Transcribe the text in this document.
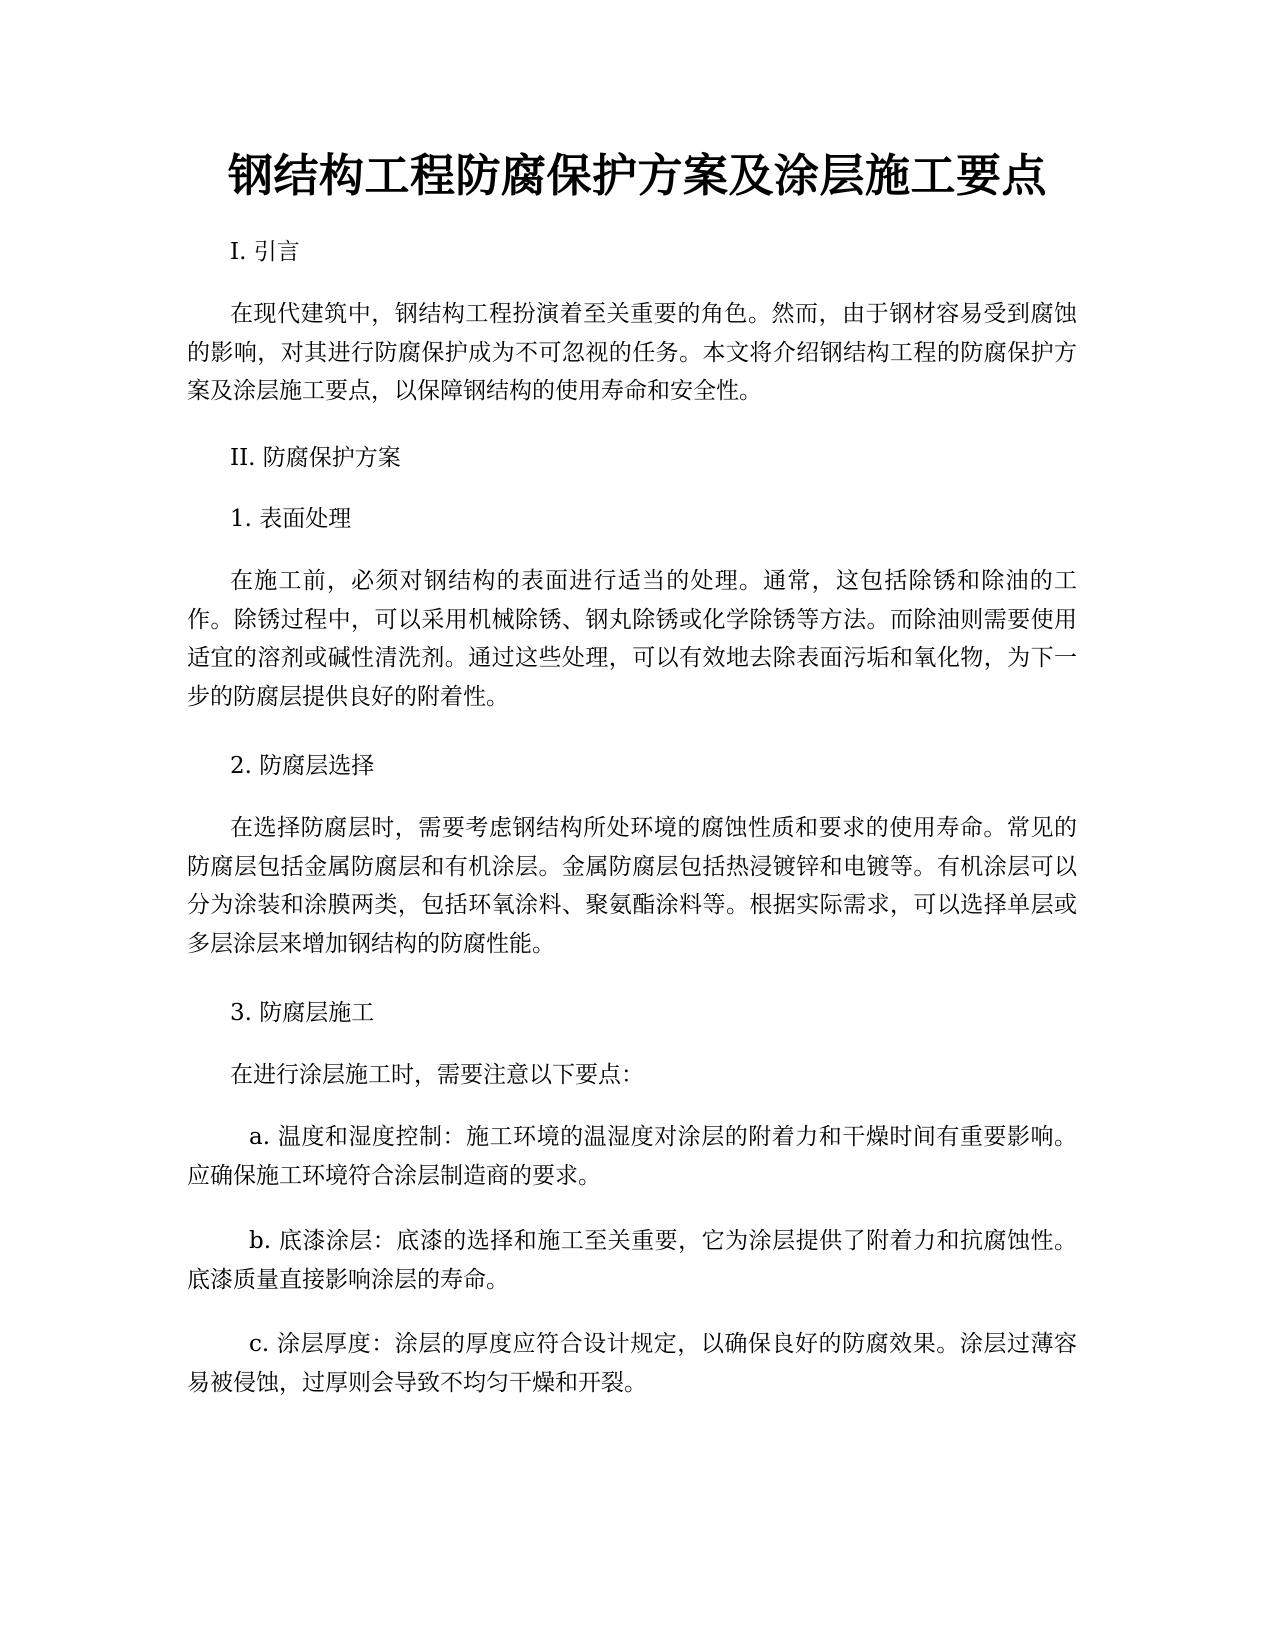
钢结构工程防腐保护方案及涂层施工要点

I. 引言

在现代建筑中，钢结构工程扮演着至关重要的角色。然而，由于钢材容易受到腐蚀的影响，对其进行防腐保护成为不可忽视的任务。本文将介绍钢结构工程的防腐保护方案及涂层施工要点，以保障钢结构的使用寿命和安全性。

II. 防腐保护方案

1. 表面处理

在施工前，必须对钢结构的表面进行适当的处理。通常，这包括除锈和除油的工作。除锈过程中，可以采用机械除锈、钢丸除锈或化学除锈等方法。而除油则需要使用适宜的溶剂或碱性清洗剂。通过这些处理，可以有效地去除表面污垢和氧化物，为下一步的防腐层提供良好的附着性。

2. 防腐层选择

在选择防腐层时，需要考虑钢结构所处环境的腐蚀性质和要求的使用寿命。常见的防腐层包括金属防腐层和有机涂层。金属防腐层包括热浸镀锌和电镀等。有机涂层可以分为涂装和涂膜两类，包括环氧涂料、聚氨酯涂料等。根据实际需求，可以选择单层或多层涂层来增加钢结构的防腐性能。

3. 防腐层施工

在进行涂层施工时，需要注意以下要点：

a. 温度和湿度控制：施工环境的温湿度对涂层的附着力和干燥时间有重要影响。应确保施工环境符合涂层制造商的要求。

b. 底漆涂层：底漆的选择和施工至关重要，它为涂层提供了附着力和抗腐蚀性。底漆质量直接影响涂层的寿命。

c. 涂层厚度：涂层的厚度应符合设计规定，以确保良好的防腐效果。涂层过薄容易被侵蚀，过厚则会导致不均匀干燥和开裂。
